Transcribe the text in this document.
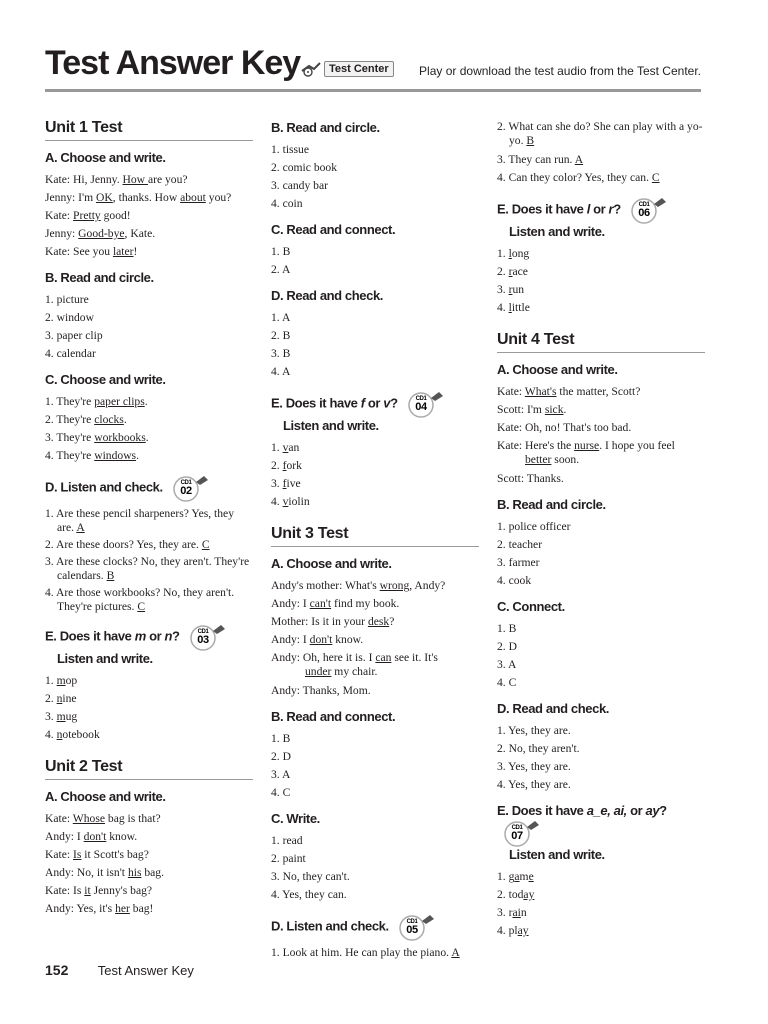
Test Answer Key	Test Center	Play or download the test audio from the Test Center.
Unit 1 Test
A. Choose and write.
Kate: Hi, Jenny. How are you?
Jenny: I'm OK, thanks. How about you?
Kate: Pretty good!
Jenny: Good-bye, Kate.
Kate: See you later!
B. Read and circle.
1. picture
2. window
3. paper clip
4. calendar
C. Choose and write.
1. They're paper clips.
2. They're clocks.
3. They're workbooks.
4. They're windows.
D. Listen and check.	CD1
02
1. Are these pencil sharpeners? Yes, they are. A
2. Are these doors? Yes, they are. C
3. Are these clocks? No, they aren't. They're calendars. B
4. Are those workbooks? No, they aren't. They're pictures. C
E. Does it have m or n?	CD1
03
Listen and write.
1. mop
2. nine
3. mug
4. notebook
Unit 2 Test
A. Choose and write.
Kate: Whose bag is that?
Andy: I don't know.
Kate: Is it Scott's bag?
Andy: No, it isn't his bag.
Kate: Is it Jenny's bag?
Andy: Yes, it's her bag!
B. Read and circle.
1. tissue
2. comic book
3. candy bar
4. coin
C. Read and connect.
1. B
2. A
D. Read and check.
1. A
2. B
3. B
4. A
E. Does it have f or v?	CD1
04
Listen and write.
1. van
2. fork
3. five
4. violin
Unit 3 Test
A. Choose and write.
Andy's mother: What's wrong, Andy?
Andy: I can't find my book.
Mother: Is it in your desk?
Andy: I don't know.
Andy: Oh, here it is. I can see it. It's
under my chair.
Andy: Thanks, Mom.
B. Read and connect.
1. B
2. D
3. A
4. C
C. Write.
1. read
2. paint
3. No, they can't.
4. Yes, they can.
D. Listen and check.	CD1
05
1. Look at him. He can play the piano. A
2. What can she do? She can play with a yo-yo. B
3. They can run. A
4. Can they color? Yes, they can. C
E. Does it have l or r?	CD1
06
Listen and write.
1. long
2. race
3. run
4. little
Unit 4 Test
A. Choose and write.
Kate: What's the matter, Scott?
Scott: I'm sick.
Kate: Oh, no! That's too bad.
Kate: Here's the nurse. I hope you feel
better soon.
Scott: Thanks.
B. Read and circle.
1. police officer
2. teacher
3. farmer
4. cook
C. Connect.
1. B
2. D
3. A
4. C
D. Read and check.
1. Yes, they are.
2. No, they aren't.
3. Yes, they are.
4. Yes, they are.
E. Does it have a_e, ai, or ay?
CD1
07
Listen and write.
1. game
2. today
3. rain
4. play
152 Test Answer Key
